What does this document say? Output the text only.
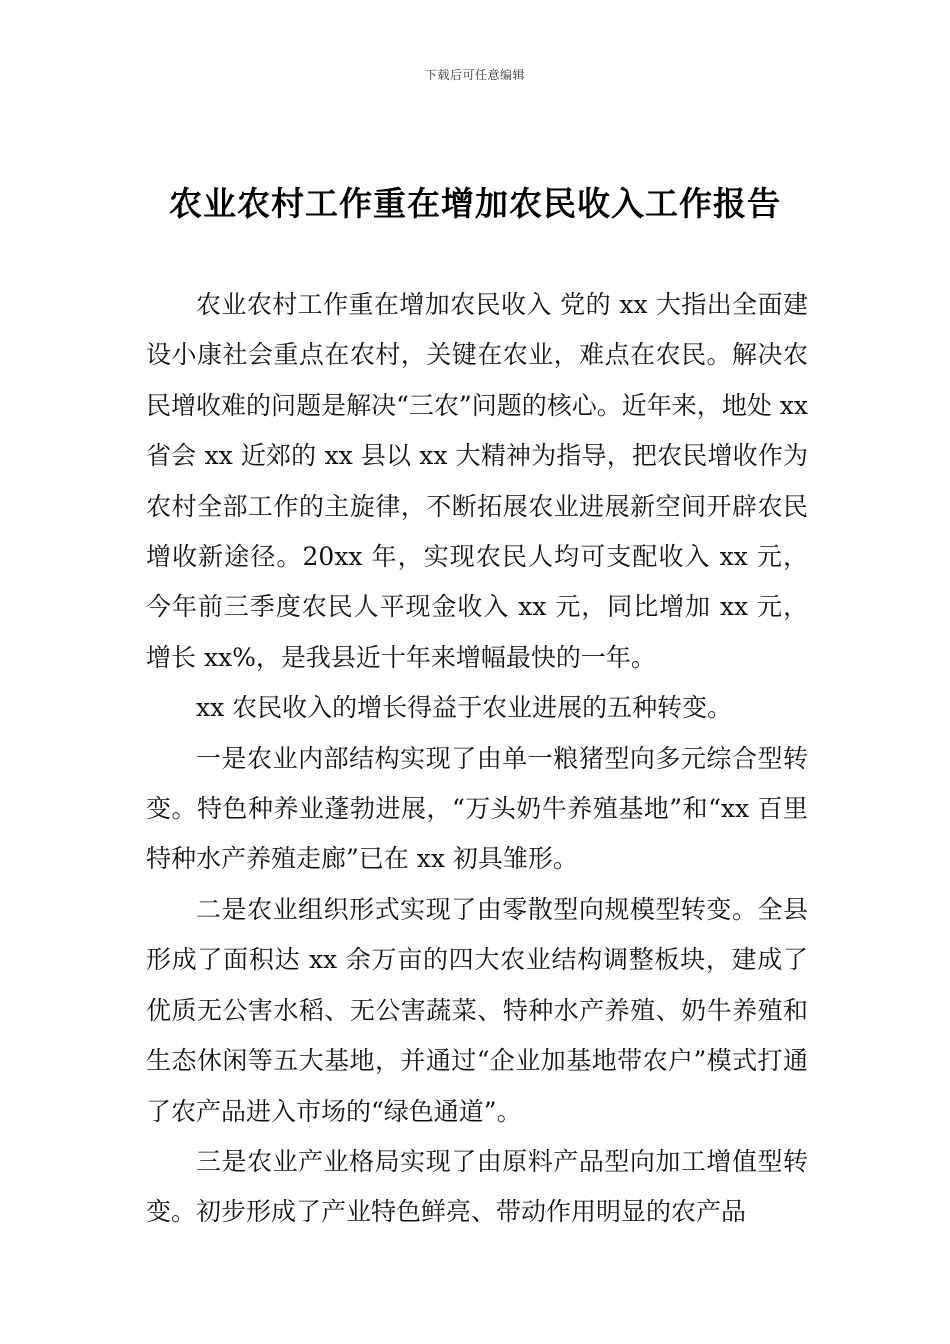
下载后可任意编辑
农业农村工作重在增加农民收入工作报告

农业农村工作重在增加农民收入 党的 xx 大指出全面建设小康社会重点在农村，关键在农业，难点在农民。解决农民增收难的问题是解决“三农”问题的核心。近年来，地处 xx 省会 xx 近郊的 xx 县以 xx 大精神为指导，把农民增收作为农村全部工作的主旋律，不断拓展农业进展新空间开辟农民增收新途径。20xx 年，实现农民人均可支配收入 xx 元，今年前三季度农民人平现金收入 xx 元，同比增加 xx 元，增长 xx%，是我县近十年来增幅最快的一年。

xx 农民收入的增长得益于农业进展的五种转变。

一是农业内部结构实现了由单一粮猪型向多元综合型转变。特色种养业蓬勃进展，“万头奶牛养殖基地”和“xx 百里特种水产养殖走廊”已在 xx 初具雏形。

二是农业组织形式实现了由零散型向规模型转变。全县形成了面积达 xx 余万亩的四大农业结构调整板块，建成了优质无公害水稻、无公害蔬菜、特种水产养殖、奶牛养殖和生态休闲等五大基地，并通过“企业加基地带农户”模式打通了农产品进入市场的“绿色通道”。

三是农业产业格局实现了由原料产品型向加工增值型转变。初步形成了产业特色鲜亮、带动作用明显的农产品
